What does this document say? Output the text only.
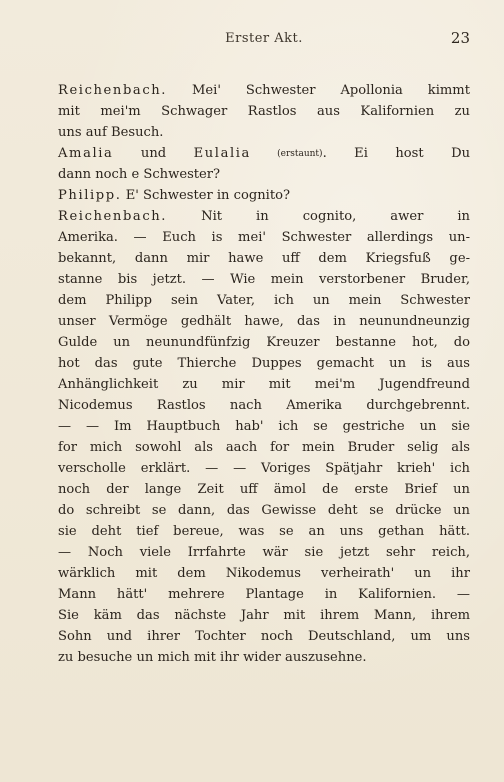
Erster Akt.	23
Reichenbach. Mei' Schwester Apollonia kimmt
mit mei'm Schwager Rastlos aus Kalifornien zu
uns auf Besuch.
Amalia und Eulalia (erstaunt). Ei host Du
dann noch e Schwester?
Philipp. E' Schwester in cognito?
Reichenbach. Nit in cognito, awer in
Amerika. — Euch is mei' Schwester allerdings un-
bekannt, dann mir hawe uff dem Kriegsfuß ge-
stanne bis jetzt. — Wie mein verstorbener Bruder,
dem Philipp sein Vater, ich un mein Schwester
unser Vermöge gedhält hawe, das in neunundneunzig
Gulde un neunundfünfzig Kreuzer bestanne hot, do
hot das gute Thierche Duppes gemacht un is aus
Anhänglichkeit zu mir mit mei'm Jugendfreund
Nicodemus Rastlos nach Amerika durchgebrennt.
— — Im Hauptbuch hab' ich se gestriche un sie
for mich sowohl als aach for mein Bruder selig als
verscholle erklärt. — — Voriges Spätjahr krieh' ich
noch der lange Zeit uff ämol de erste Brief un
do schreibt se dann, das Gewisse deht se drücke un
sie deht tief bereue, was se an uns gethan hätt.
— Noch viele Irrfahrte wär sie jetzt sehr reich,
wärklich mit dem Nikodemus verheirath' un ihr
Mann hätt' mehrere Plantage in Kalifornien. —
Sie käm das nächste Jahr mit ihrem Mann, ihrem
Sohn und ihrer Tochter noch Deutschland, um uns
zu besuche un mich mit ihr wider auszusehne.
